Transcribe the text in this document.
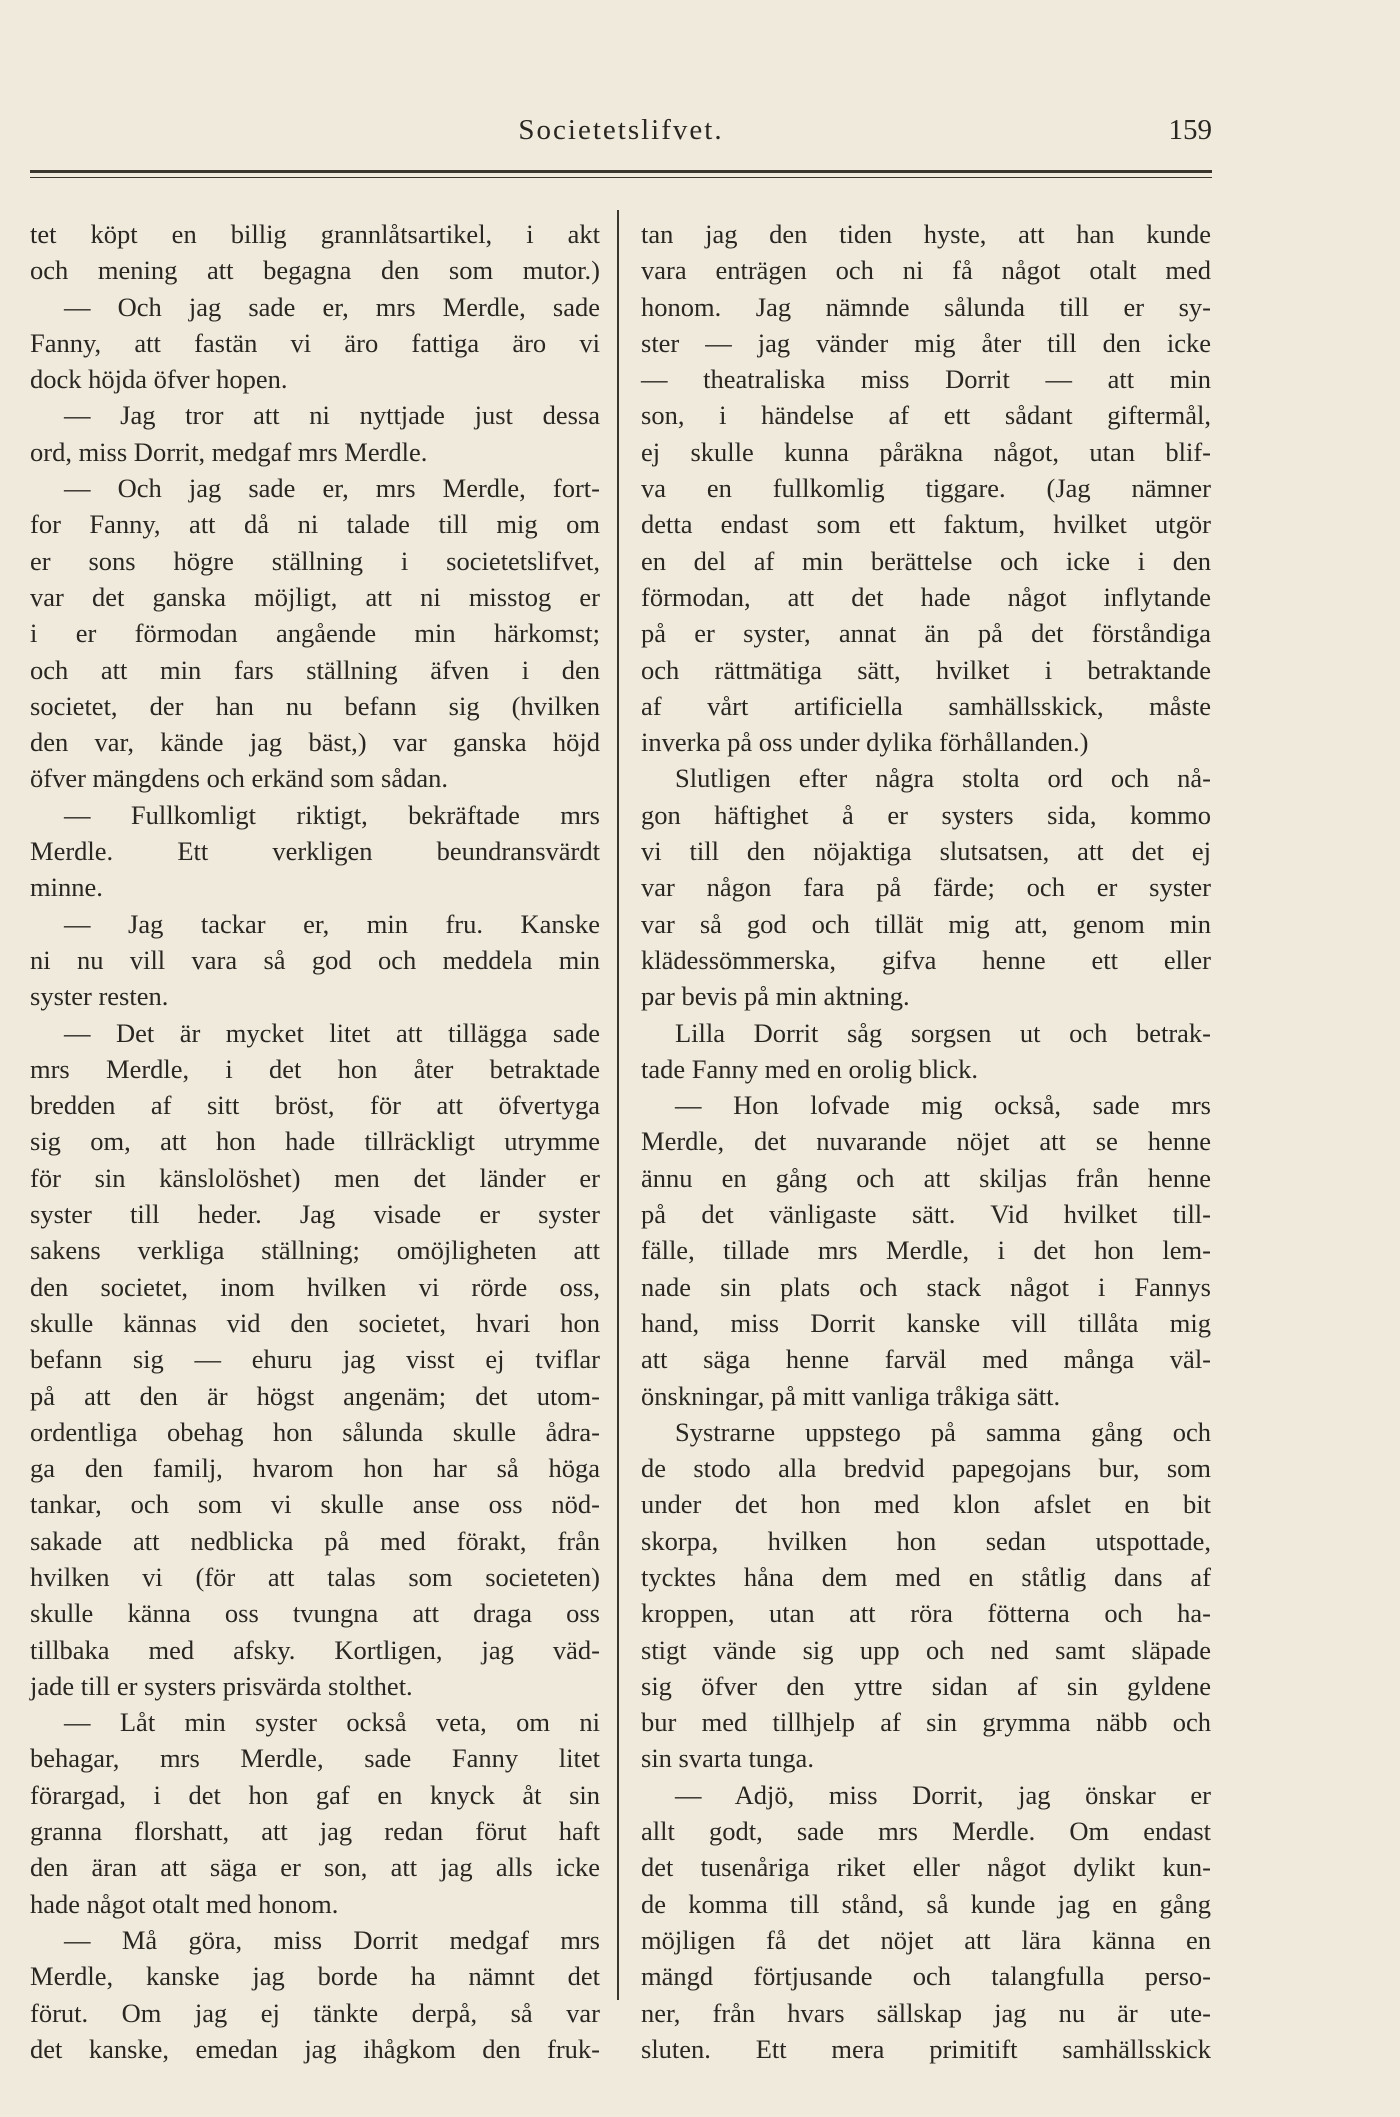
Societetslifvet.	159
tet köpt en billig grannlåtsartikel, i akt
och mening att begagna den som mutor.)
— Och jag sade er, mrs Merdle, sade
Fanny, att fastän vi äro fattiga äro vi
dock höjda öfver hopen.
— Jag tror att ni nyttjade just dessa
ord, miss Dorrit, medgaf mrs Merdle.
— Och jag sade er, mrs Merdle, fort-
for Fanny, att då ni talade till mig om
er sons högre ställning i societetslifvet,
var det ganska möjligt, att ni misstog er
i er förmodan angående min härkomst;
och att min fars ställning äfven i den
societet, der han nu befann sig (hvilken
den var, kände jag bäst,) var ganska höjd
öfver mängdens och erkänd som sådan.
— Fullkomligt riktigt, bekräftade mrs
Merdle. Ett verkligen beundransvärdt
minne.
— Jag tackar er, min fru. Kanske
ni nu vill vara så god och meddela min
syster resten.
— Det är mycket litet att tillägga sade
mrs Merdle, i det hon åter betraktade
bredden af sitt bröst, för att öfvertyga
sig om, att hon hade tillräckligt utrymme
för sin känslolöshet) men det länder er
syster till heder. Jag visade er syster
sakens verkliga ställning; omöjligheten att
den societet, inom hvilken vi rörde oss,
skulle kännas vid den societet, hvari hon
befann sig — ehuru jag visst ej tviflar
på att den är högst angenäm; det utom-
ordentliga obehag hon sålunda skulle ådra-
ga den familj, hvarom hon har så höga
tankar, och som vi skulle anse oss nöd-
sakade att nedblicka på med förakt, från
hvilken vi (för att talas som societeten)
skulle känna oss tvungna att draga oss
tillbaka med afsky. Kortligen, jag väd-
jade till er systers prisvärda stolthet.
— Låt min syster också veta, om ni
behagar, mrs Merdle, sade Fanny litet
förargad, i det hon gaf en knyck åt sin
granna florshatt, att jag redan förut haft
den äran att säga er son, att jag alls icke
hade något otalt med honom.
— Må göra, miss Dorrit medgaf mrs
Merdle, kanske jag borde ha nämnt det
förut. Om jag ej tänkte derpå, så var
det kanske, emedan jag ihågkom den fruk-
tan jag den tiden hyste, att han kunde
vara enträgen och ni få något otalt med
honom. Jag nämnde sålunda till er sy-
ster — jag vänder mig åter till den icke
— theatraliska miss Dorrit — att min
son, i händelse af ett sådant giftermål,
ej skulle kunna påräkna något, utan blif-
va en fullkomlig tiggare. (Jag nämner
detta endast som ett faktum, hvilket utgör
en del af min berättelse och icke i den
förmodan, att det hade något inflytande
på er syster, annat än på det förståndiga
och rättmätiga sätt, hvilket i betraktande
af vårt artificiella samhällsskick, måste
inverka på oss under dylika förhållanden.)
Slutligen efter några stolta ord och nå-
gon häftighet å er systers sida, kommo
vi till den nöjaktiga slutsatsen, att det ej
var någon fara på färde; och er syster
var så god och tillät mig att, genom min
klädessömmerska, gifva henne ett eller
par bevis på min aktning.
Lilla Dorrit såg sorgsen ut och betrak-
tade Fanny med en orolig blick.
— Hon lofvade mig också, sade mrs
Merdle, det nuvarande nöjet att se henne
ännu en gång och att skiljas från henne
på det vänligaste sätt. Vid hvilket till-
fälle, tillade mrs Merdle, i det hon lem-
nade sin plats och stack något i Fannys
hand, miss Dorrit kanske vill tillåta mig
att säga henne farväl med många väl-
önskningar, på mitt vanliga tråkiga sätt.
Systrarne uppstego på samma gång och
de stodo alla bredvid papegojans bur, som
under det hon med klon afslet en bit
skorpa, hvilken hon sedan utspottade,
tycktes håna dem med en ståtlig dans af
kroppen, utan att röra fötterna och ha-
stigt vände sig upp och ned samt släpade
sig öfver den yttre sidan af sin gyldene
bur med tillhjelp af sin grymma näbb och
sin svarta tunga.
— Adjö, miss Dorrit, jag önskar er
allt godt, sade mrs Merdle. Om endast
det tusenåriga riket eller något dylikt kun-
de komma till stånd, så kunde jag en gång
möjligen få det nöjet att lära känna en
mängd förtjusande och talangfulla perso-
ner, från hvars sällskap jag nu är ute-
sluten. Ett mera primitift samhällsskick
